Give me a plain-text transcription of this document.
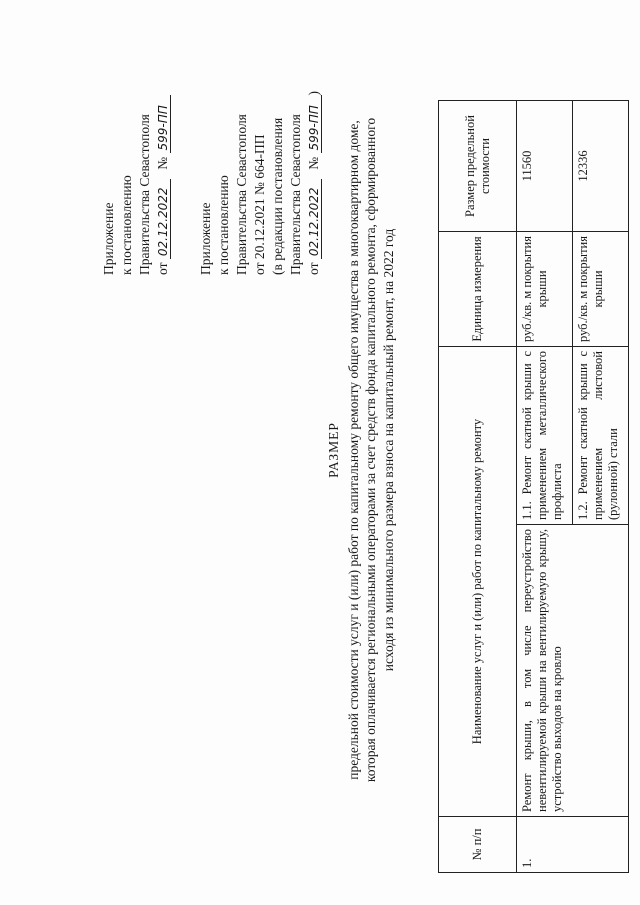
Приложение к постановлению Правительства Севастополя от 02.12.2022 № 599-ПП
Приложение к постановлению Правительства Севастополя от 20.12.2021 № 664-ПП (в редакции постановления Правительства Севастополя от 02.12.2022 № 599-ПП)
РАЗМЕР предельной стоимости услуг и (или) работ по капитальному ремонту общего имущества в многоквартирном доме, которая оплачивается региональными операторами за счет средств фонда капитального ремонта, сформированного исходя из минимального размера взноса на капитальный ремонт, на 2022 год
№ п/п	Наименование услуг и (или) работ по капитальному ремонту		Единица измерения	Размер предельной стоимости
1.	Ремонт крыши, в том числе переустройство невентилируемой крыши на вентилируемую крышу, устройство выходов на кровлю	1.1. Ремонт скатной крыши с применением металлического профлиста	руб./кв. м покрытия крыши	11560
		1.2. Ремонт скатной крыши с применением листовой (рулонной) стали	руб./кв. м покрытия крыши	12336
